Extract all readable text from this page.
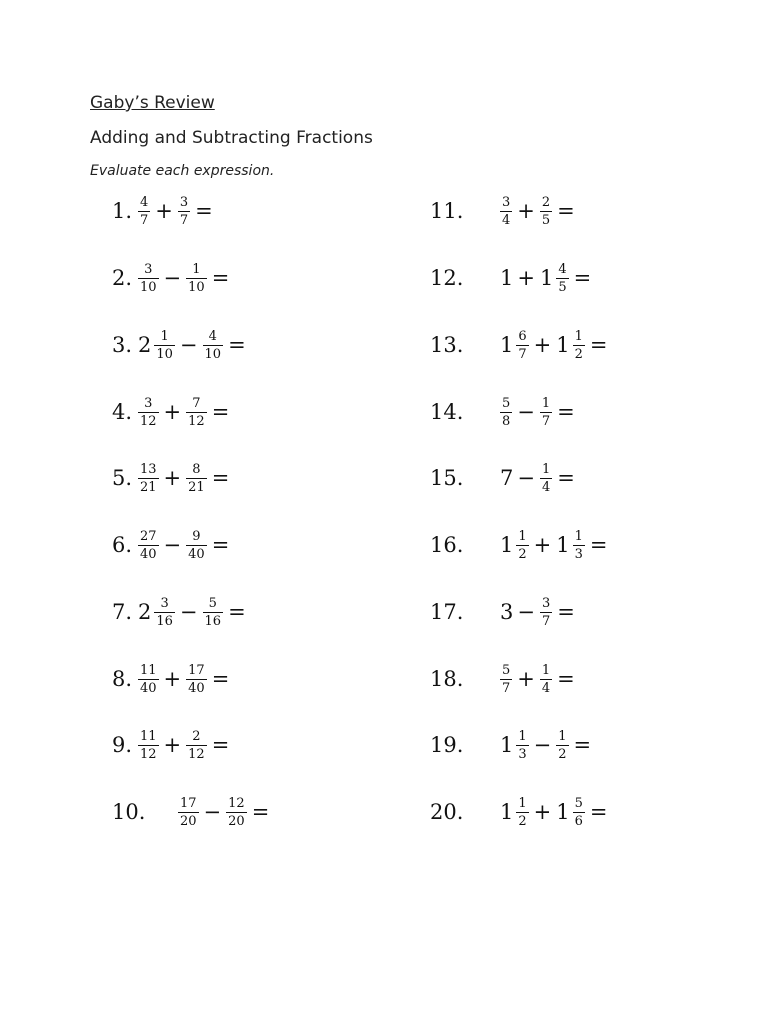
Gaby’s Review
Adding and Subtracting Fractions
Evaluate each expression.
1. $\frac{4}{7} + \frac{3}{7}$ =
2. $\frac{3}{10} - \frac{1}{10}$ =
3. $2 \frac{1}{10} - \frac{4}{10}$ =
4. $\frac{3}{12} + \frac{7}{12}$ =
5. $\frac{13}{21} + \frac{8}{21}$ =
6. $\frac{27}{40} - \frac{9}{40}$ =
7. $2 \frac{3}{16} - \frac{5}{16}$ =
8. $\frac{11}{40} + \frac{17}{40}$ =
9. $\frac{11}{12} + \frac{2}{12}$ =
10.	$\frac{17}{20} - \frac{12}{20}$ =
11.	$\frac{3}{4} + \frac{2}{5}$ =
12.	$1 + 1 \frac{4}{5}$ =
13.	$1 \frac{6}{7} + 1 \frac{1}{2}$ =
14.	$\frac{5}{8} - \frac{1}{7}$ =
15.	$7 - \frac{1}{4}$ =
16.	$1 \frac{1}{2} + 1 \frac{1}{3}$ =
17.	$3 - \frac{3}{7}$ =
18.	$\frac{5}{7} + \frac{1}{4}$ =
19.	$1 \frac{1}{3} - \frac{1}{2}$ =
20.	$1 \frac{1}{2} + 1 \frac{5}{6}$ =
